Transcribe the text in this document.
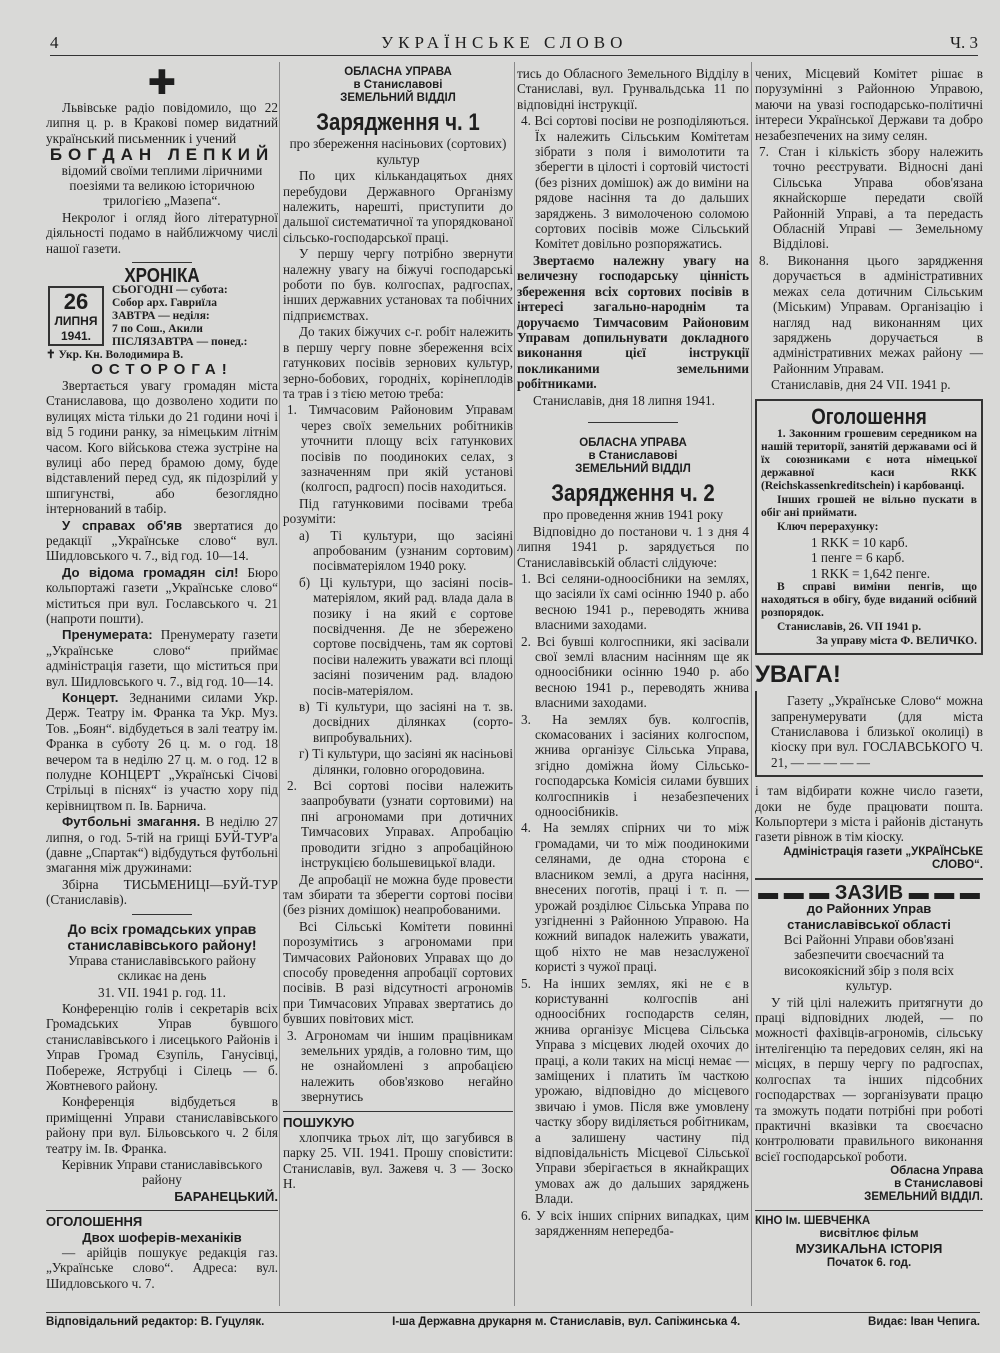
4	УКРАЇНСЬКЕ СЛОВО	Ч. 3
✚

Львівське радіо повідомило, що 22 липня ц. р. в Кракові помер видатний український письменник і учений

БОГДАН ЛЕПКИЙ

відомий своїми теплими ліричними поезіями та великою історичною трилогією „Мазепа“.

Некролог і огляд його літературної діяльності подамо в найближчому числі нашої газети.

ХРОНІКА
26
ЛИПНЯ
1941.
СЬОГОДНІ — субота:
Собор арх. Гавриїла
ЗАВТРА — неділя:
7 по Сош., Акили
ПІСЛЯЗАВТРА — понед.:
✝ Укр. Кн. Володимира В.
ОСТОРОГА!

Звертається увагу громадян міста Станиславова, що дозволено ходити по вулицях міста тільки до 21 години ночі і від 5 години ранку, за німецьким літнім часом. Кого військова стежа зустріне на вулиці або перед брамою дому, буде відставлений перед суд, як підозрілий у шпигунстві, або безоглядно інтернований в табір.

У справах об'яв звертатися до редакції „Українське слово“ вул. Шидловського ч. 7., від год. 10—14.

До відома громадян сіл! Бюро кольпортажі газети „Українське слово“ міститься при вул. Гославського ч. 21 (напроти пошти).

Пренумерата: Пренумерату газети „Українське слово“ приймає адміністрація газети, що міститься при вул. Шидловського ч. 7., від год. 10—14.

Концерт. Зеднаними силами Укр. Держ. Театру ім. Франка та Укр. Муз. Тов. „Боян“. відбудеться в залі театру ім. Франка в суботу 26 ц. м. о год. 18 вечером та в неділю 27 ц. м. о год. 12 в полудне КОНЦЕРТ „Українські Січові Стрільці в піснях“ із участю хору під керівництвом п. Ів. Барнича.

Футбольні змагання. В неділю 27 липня, о год. 5-тій на грищі БУЙ-ТУР'а (давне „Спартак“) відбудуться футбольні змагання між дружинами:

Збірна ТИСЬМЕНИЦІ—БУЙ-ТУР (Станиславів).

До всіх громадських управ станиславівського району!

Управа станиславівського району скликає на день

31. VII. 1941 р. год. 11.

Конференцію голів і секретарів всіх Громадських Управ бувшого станиславівського і лисецького Районів і Управ Громад Єзупіль, Ганусівці, Побереже, Яструбці і Сілець — б. Жовтневого району.

Конференція відбудеться в приміщенні Управи станиславівського району при вул. Більовського ч. 2 біля театру ім. Ів. Франка.

Керівник Управи станиславівського району

БАРАНЕЦЬКИЙ.

ОГОЛОШЕННЯ
Двох шоферів-механіків

— арійців пошукує редакція газ. „Українське слово“. Адреса: вул. Шидловського ч. 7.

ОБЛАСНА УПРАВА
в Станиславові
ЗЕМЕЛЬНИЙ ВІДДІЛ
Зарядження ч. 1

про збереження насіньових (сортових) культур

По цих кількандацятьох днях перебудови Державного Організму належить, нарешті, приступити до дальшої систематичної та упорядкованої сільсько-господарської праці.

У першу чергу потрібно звернути належну увагу на біжучі господарські роботи по був. колгоспах, радгоспах, інших державних установах та побічних підприємствах.

До таких біжучих с-г. робіт належить в першу чергу повне збереження всіх гатункових посівів зернових культур, зерно-бобових, городніх, корінеплодів та трав і з тією метою треба:

1. Тимчасовим Районовим Управам через своїх земельних робітників уточнити площу всіх гатункових посівів по поодиноких селах, з зазначенням при якій установі (колгосп, радгосп) посів находиться.

Під гатунковими посівами треба розуміти:

а) Ті культури, що засіяні апробованим (узнаним сортовим) посівматеріялом 1940 року.

б) Ці культури, що засіяні посів-матеріялом, який рад. влада дала в позику і на який є сортове посвідчення. Де не збережено сортове посвідчень, там як сортові посіви належить уважати всі площі засіяні позиченим рад. владою посів-матеріялом.

в) Ті культури, що засіяні на т. зв. досвідних ділянках (сорто-випробувальних).

г) Ті культури, що засіяні як насіньові ділянки, головно огородовина.

2. Всі сортові посіви належить заапробувати (узнати сортовими) на пні агрономами при дотичних Тимчасових Управах. Апробацію проводити згідно з апробаційною інструкцією большевицької влади.

Де апробації не можна буде провести там збирати та зберегти сортові посіви (без різних домішок) неапробованими.

Всі Сільські Комітети повинні порозумітись з агрономами при Тимчасових Районових Управах що до способу проведення апробації сортових посівів. В разі відсутності агрономів при Тимчасових Управах звертатись до бувших повітових міст.

3. Агрономам чи іншим працівникам земельних урядів, а головно тим, що не ознайомлені з апробацією належить обов'язково негайно звернутись

ПОШУКУЮ

хлопчика трьох літ, що загубився в парку 25. VII. 1941. Прошу сповістити: Станиславів, вул. Зажевя ч. 3 — Зоско Н.

тись до Обласного Земельного Відділу в Станиславі, вул. Грунвальдська 11 по відповідні інструкції.

4. Всі сортові посіви не розподіляються. Їх належить Сільським Комітетам зібрати з поля і вимолотити та зберегти в цілості і сортовій чистості (без різних домішок) аж до виміни на рядове насіння та до дальших заряджень. З вимолоченою соломою сортових посівів може Сільський Комітет довільно розпоряжатись.

Звертаємо належну увагу на величезну господарську цінність збереження всіх сортових посівів в інтересі загально-народнім та доручаємо Тимчасовим Районовим Управам допильнувати докладного виконання цієї інструкції покликаними земельними робітниками.

Станиславів, дня 18 липня 1941.

ОБЛАСНА УПРАВА
в Станиславові
ЗЕМЕЛЬНИЙ ВІДДІЛ
Зарядження ч. 2

про проведення жнив 1941 року

Відповідно до постанови ч. 1 з дня 4 липня 1941 р. зарядується по Станиславівській області слідуюче:

1. Всі селяни-одноосібники на землях, що засіяли їх самі осінню 1940 р. або весною 1941 р., переводять жнива власними заходами.

2. Всі бувші колгоспники, які засівали свої землі власним насінням ще як одноосібники осінню 1940 р. або весною 1941 р., переводять жнива власними заходами.

3. На землях був. колгоспів, скомасованих і засіяних колгоспом, жнива організує Сільська Управа, згідно доміжна йому Сільсько-господарська Комісія силами бувших колгоспників і незабезпечених одноосібників.

4. На землях спірних чи то між громадами, чи то між поодинокими селянами, де одна сторона є власником землі, а друга насіння, внесених поготів, праці і т. п. — урожай розділює Сільська Управа по узгідненні з Районною Управою. На кожний випадок належить уважати, щоб ніхто не мав незаслуженої користі з чужої праці.

5. На інших землях, які не є в користуванні колгоспів ані одноосібних господарств селян, жнива організує Місцева Сільська Управа з місцевих людей охочих до праці, а коли таких на місці немає — заміщених і платить їм часткою урожаю, відповідно до місцевого звичаю і умов. Після вже умовлену частку збору виділяється робітникам, а залишену частину під відповідальність Місцевої Сільської Управи зберігається в якнайкращих умовах аж до дальших заряджень Влади.

6. У всіх інших спірних випадках, цим зарядженням непередба-

чених, Місцевий Комітет рішає в порузумінні з Районною Управою, маючи на увазі господарсько-політичні інтереси Української Держави та добро незабезпечених на зиму селян.

7. Стан і кількість збору належить точно реєструвати. Відносні дані Сільська Управа обов'язана якнайскорше передати своїй Районній Управі, а та передасть Обласній Управі — Земельному Відділові.

8. Виконання цього зарядження доручається в адміністративних межах села дотичним Сільським (Міським) Управам. Організацію і нагляд над виконанням цих заряджень доручається в адміністративних межах району — Районним Управам.

Станиславів, дня 24 VII. 1941 р.

Оголошення

1. Законним грошевим середником на нашій території, занятій державами осі й їх союзниками є нота німецької державної каси RKK (Reichskassenkreditschein) і карбованці.

Інших грошей не вільно пускати в обіг ані приймати.

Ключ перерахунку:

1 RKK = 10 карб.
1 пенге = 6 карб.
1 RKK = 1,642 пенге.

В справі виміни пенгів, що находяться в обігу, буде виданий осібний розпорядок.

Станиславів, 26. VII 1941 р.

За управу міста Ф. ВЕЛИЧКО.

УВАГА!

Газету „Українське Слово“ можна запренумерувати (для міста Станиславова і близької околиці) в кіоску при вул. ГОСЛАВСЬКОГО Ч. 21, — — — — —

і там відбирати кожне число газети, доки не буде працювати пошта. Кольпортери з міста і районів дістануть газети рівнож в тім кіоску.

Адміністрація газети „УКРАЇНСЬКЕ СЛОВО“.

▬ ▬ ▬ ЗАЗИВ ▬ ▬ ▬
до Районних Управ станиславівської області

Всі Районні Управи обов'язані забезпечити своєчасний та високоякісний збір з поля всіх культур.

У тій цілі належить притягнути до праці відповідних людей, — по можності фахівців-агрономів, сільську інтелігенцію та передових селян, які на місцях, в першу чергу по радгоспах, колгоспах та інших підсобних господарствах — зорганізувати працю та зможуть подати потрібні при роботі практичні вказівки та своєчасно контролювати правильного виконання всієї господарської роботи.

Обласна Управа
в Станиславові
ЗЕМЕЛЬНИЙ ВІДДІЛ.
КІНО Ім. ШЕВЧЕНКА
висвітлює фільм
МУЗИКАЛЬНА ІСТОРІЯ
Початок 6. год.
Відповідальний редактор: В. Гуцуляк.	І-ша Державна друкарня м. Станиславів, вул. Сапіжинська 4.	Видає: Іван Чепига.
